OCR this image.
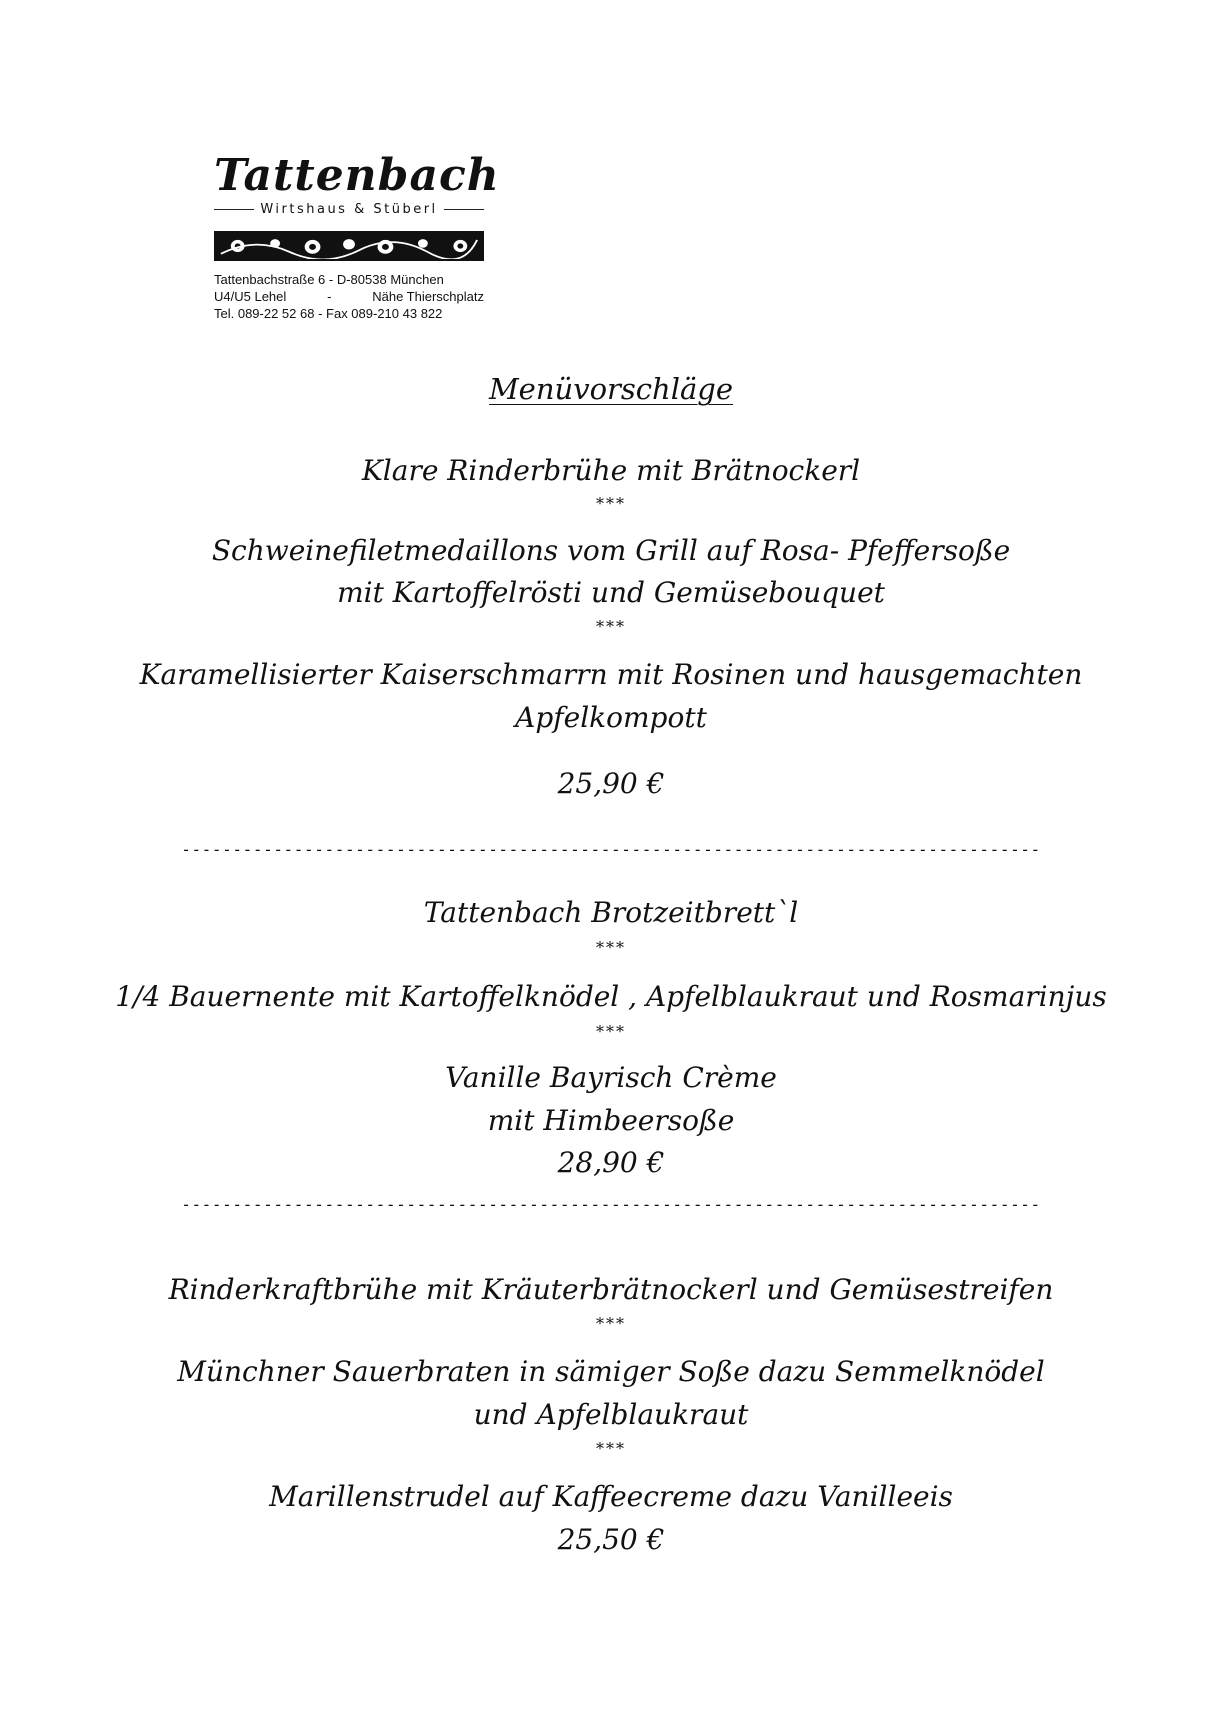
Tattenbach
Wirtshaus & Stüberl
Tattenbachstraße 6 - D-80538 München
U4/U5 Lehel	-	Nähe Thierschplatz
Tel. 089-22 52 68 - Fax 089-210 43 822
Menüvorschläge
Klare Rinderbrühe mit Brätnockerl
***
Schweinefiletmedaillons vom Grill auf Rosa- Pfeffersoße
mit Kartoffelrösti und Gemüsebouquet
***
Karamellisierter Kaiserschmarrn mit Rosinen und hausgemachten
Apfelkompott
25,90 €
------------------------------------------------------------------------------------
Tattenbach Brotzeitbrett`l
***
1/4 Bauernente mit Kartoffelknödel , Apfelblaukraut und Rosmarinjus
***
Vanille Bayrisch Crème
mit Himbeersoße
28,90 €
------------------------------------------------------------------------------------
Rinderkraftbrühe mit Kräuterbrätnockerl und Gemüsestreifen
***
Münchner Sauerbraten in sämiger Soße dazu Semmelknödel
und Apfelblaukraut
***
Marillenstrudel auf Kaffeecreme dazu Vanilleeis
25,50 €
